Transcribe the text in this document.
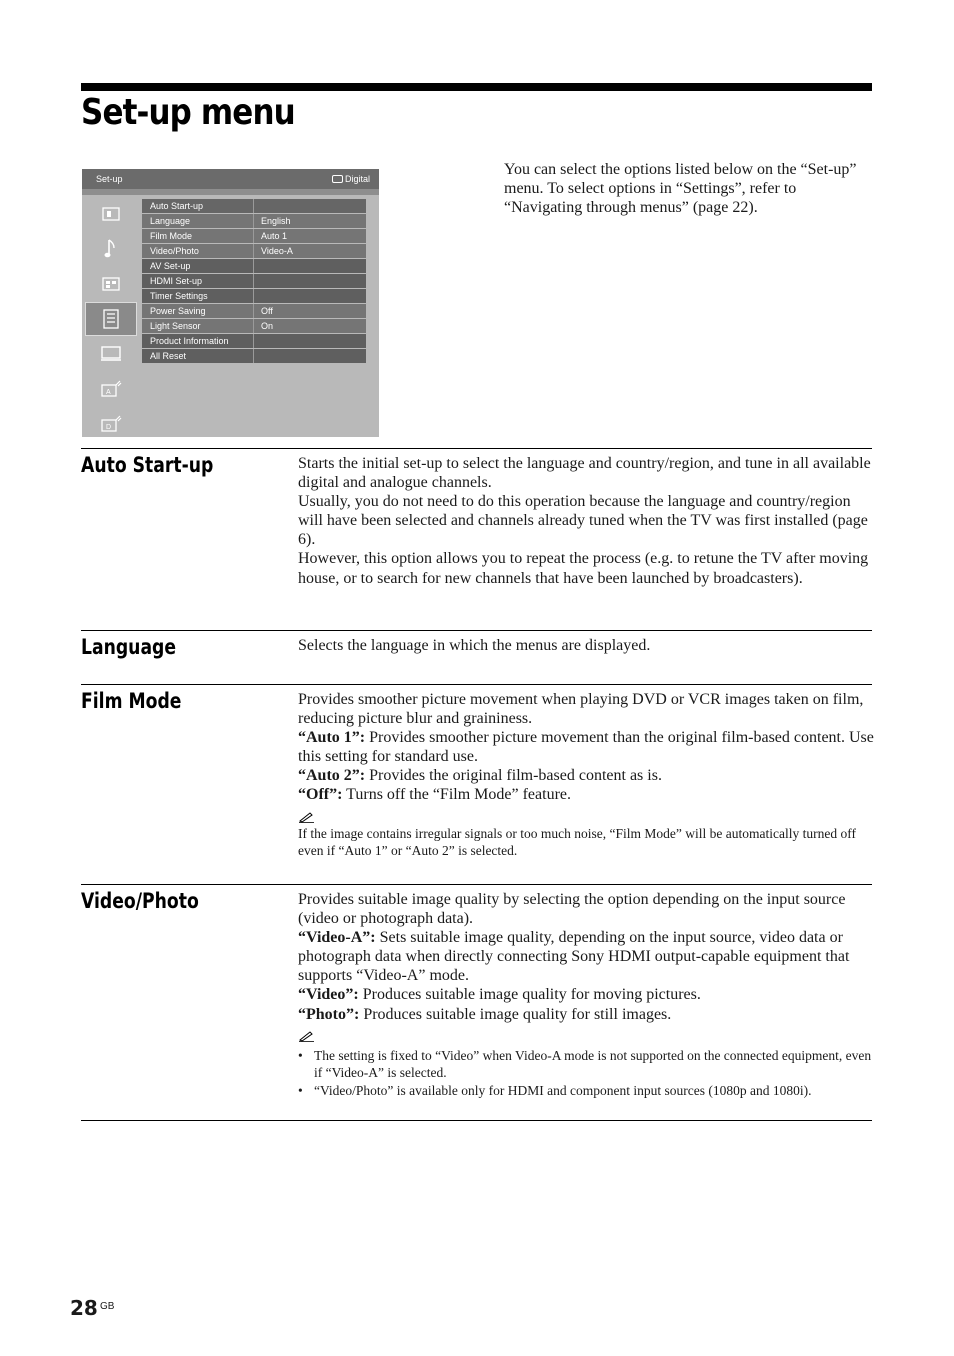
Set-up menu
Set-up	Digital
A
D
Auto Start-up
Language	English
Film Mode	Auto 1
Video/Photo	Video-A
AV Set-up
HDMI Set-up
Timer Settings
Power Saving	Off
Light Sensor	On
Product Information
All Reset

You can select the options listed below on the “Set-up” menu. To select options in “Settings”, refer to “Navigating through menus” (page 22).

Auto Start-up	Starts the initial set-up to select the language and country/region, and tune in all available digital and analogue channels.

Usually, you do not need to do this operation because the language and country/region will have been selected and channels already tuned when the TV was first installed (page 6).

However, this option allows you to repeat the process (e.g. to retune the TV after moving house, or to search for new channels that have been launched by broadcasters).

Language	Selects the language in which the menus are displayed.

Film Mode	Provides smoother picture movement when playing DVD or VCR images taken on film, reducing picture blur and graininess.

“Auto 1”: Provides smoother picture movement than the original film-based content. Use this setting for standard use.

“Auto 2”: Provides the original film-based content as is.

“Off”: Turns off the “Film Mode” feature.

If the image contains irregular signals or too much noise, “Film Mode” will be automatically turned off even if “Auto 1” or “Auto 2” is selected.

Video/Photo	Provides suitable image quality by selecting the option depending on the input source (video or photograph data).

“Video-A”: Sets suitable image quality, depending on the input source, video data or photograph data when directly connecting Sony HDMI output-capable equipment that supports “Video-A” mode.

“Video”: Produces suitable image quality for moving pictures.

“Photo”: Produces suitable image quality for still images.

• The setting is fixed to “Video” when Video-A mode is not supported on the connected equipment, even if “Video-A” is selected.
• “Video/Photo” is available only for HDMI and component input sources (1080p and 1080i).
28 GB
